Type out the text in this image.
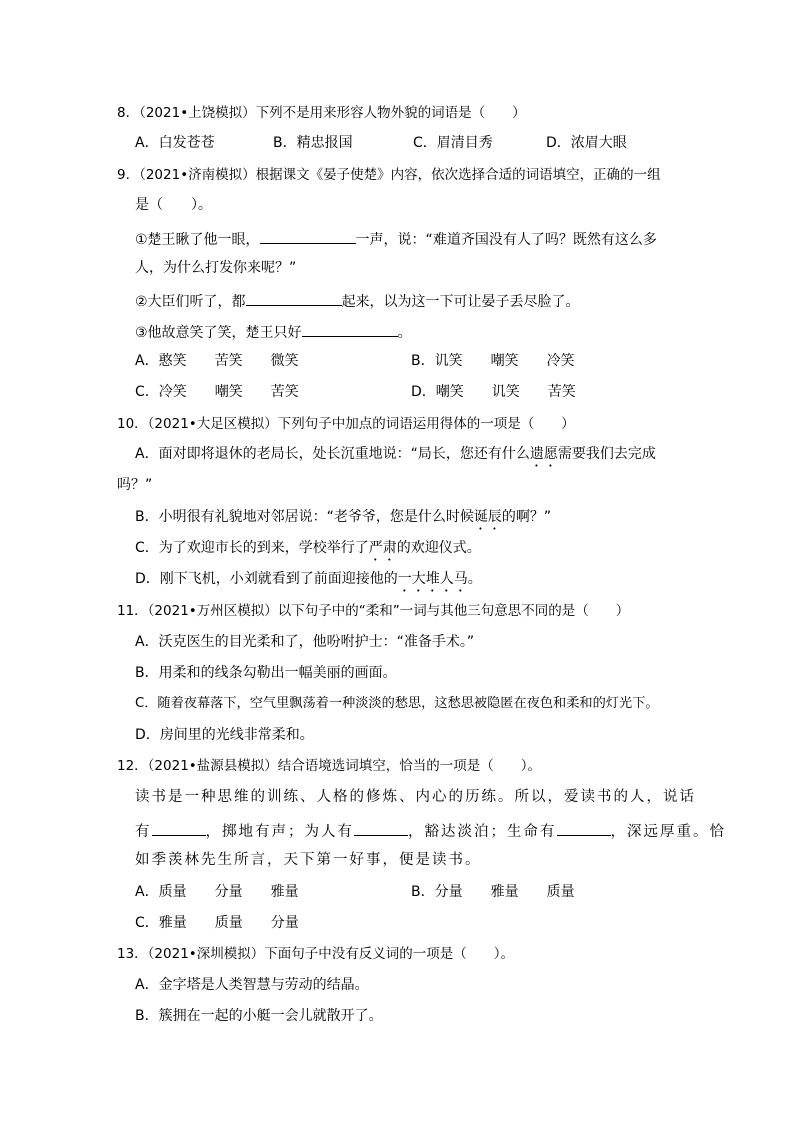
8．（2021•上饶模拟）下列不是用来形容人物外貌的词语是（　　）
A．白发苍苍	B．精忠报国	C．眉清目秀	D．浓眉大眼
9．（2021•济南模拟）根据课文《晏子使楚》内容，依次选择合适的词语填空，正确的一组
是（　　）。
①楚王瞅了他一眼，	一声，说：“难道齐国没有人了吗？既然有这么多
人，为什么打发你来呢？”
②大臣们听了，都	起来，以为这一下可让晏子丢尽脸了。
③他故意笑了笑，楚王只好	。
A．憨笑　　苦笑　　微笑	B．讥笑　　嘲笑　　冷笑
C．冷笑　　嘲笑　　苦笑	D．嘲笑　　讥笑　　苦笑
10．（2021•大足区模拟）下列句子中加点的词语运用得体的一项是（　　）
A．面对即将退休的老局长，处长沉重地说：“局长，您还有什么遗愿需要我们去完成
吗？”
B．小明很有礼貌地对邻居说：“老爷爷，您是什么时候诞辰的啊？”
C．为了欢迎市长的到来，学校举行了严肃的欢迎仪式。
D．刚下飞机，小刘就看到了前面迎接他的一大堆人马。
11．（2021•万州区模拟）以下句子中的“柔和”一词与其他三句意思不同的是（　　）
A．沃克医生的目光柔和了，他吩咐护士：“准备手术。”
B．用柔和的线条勾勒出一幅美丽的画面。
C．随着夜幕落下，空气里飘荡着一种淡淡的愁思，这愁思被隐匿在夜色和柔和的灯光下。
D．房间里的光线非常柔和。
12．（2021•盐源县模拟）结合语境选词填空，恰当的一项是（　　）。
读书是一种思维的训练、人格的修炼、内心的历练。所以，爱读书的人，说话
有	，掷地有声；为人有	，豁达淡泊；生命有	，深远厚重。恰
如季羡林先生所言，天下第一好事，便是读书。
A．质量　　分量　　雅量	B．分量　　雅量　　质量
C．雅量　　质量　　分量
13．（2021•深圳模拟）下面句子中没有反义词的一项是（　　）。
A．金字塔是人类智慧与劳动的结晶。
B．簇拥在一起的小艇一会儿就散开了。
